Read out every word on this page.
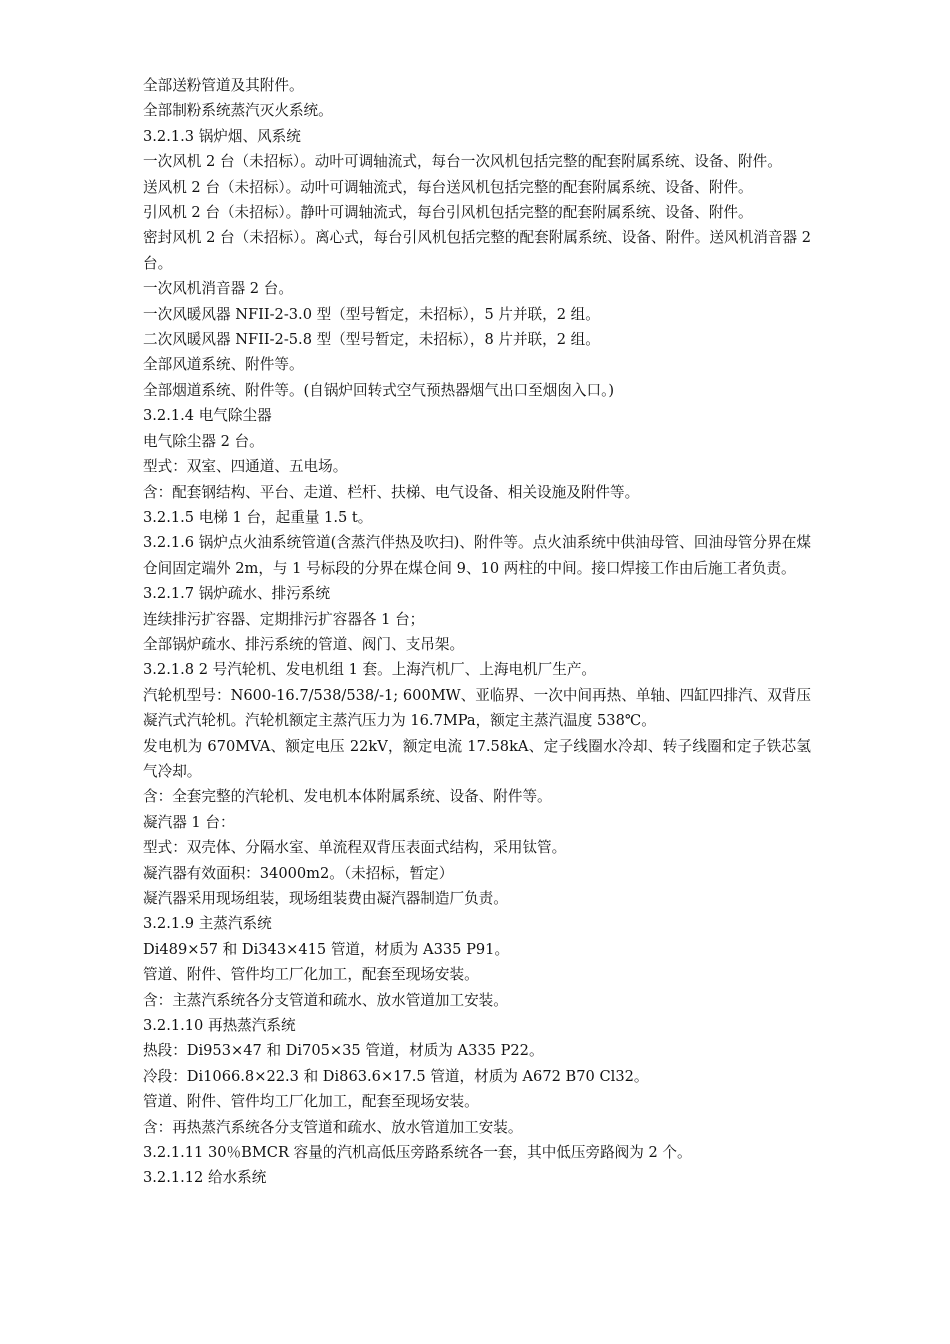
全部送粉管道及其附件。

全部制粉系统蒸汽灭火系统。

3.2.1.3 锅炉烟、风系统

一次风机 2 台（未招标）。动叶可调轴流式，每台一次风机包括完整的配套附属系统、设备、附件。

送风机 2 台（未招标）。动叶可调轴流式，每台送风机包括完整的配套附属系统、设备、附件。

引风机 2 台（未招标）。静叶可调轴流式，每台引风机包括完整的配套附属系统、设备、附件。

密封风机 2 台（未招标）。离心式，每台引风机包括完整的配套附属系统、设备、附件。送风机消音器 2 台。

一次风机消音器 2 台。

一次风暖风器 NFII-2-3.0 型（型号暂定，未招标），5 片并联，2 组。

二次风暖风器 NFII-2-5.8 型（型号暂定，未招标），8 片并联，2 组。

全部风道系统、附件等。

全部烟道系统、附件等。(自锅炉回转式空气预热器烟气出口至烟囱入口。)

3.2.1.4 电气除尘器

电气除尘器 2 台。

型式：双室、四通道、五电场。

含：配套钢结构、平台、走道、栏杆、扶梯、电气设备、相关设施及附件等。

3.2.1.5 电梯 1 台，起重量 1.5 t。

3.2.1.6 锅炉点火油系统管道(含蒸汽伴热及吹扫)、附件等。点火油系统中供油母管、回油母管分界在煤仓间固定端外 2m，与 1 号标段的分界在煤仓间 9、10 两柱的中间。接口焊接工作由后施工者负责。

3.2.1.7 锅炉疏水、排污系统

连续排污扩容器、定期排污扩容器各 1 台；

全部锅炉疏水、排污系统的管道、阀门、支吊架。

3.2.1.8 2 号汽轮机、发电机组 1 套。上海汽机厂、上海电机厂生产。

汽轮机型号：N600-16.7/538/538/-1; 600MW、亚临界、一次中间再热、单轴、四缸四排汽、双背压凝汽式汽轮机。汽轮机额定主蒸汽压力为 16.7MPa，额定主蒸汽温度 538℃。

发电机为 670MVA、额定电压 22kV，额定电流 17.58kA、定子线圈水冷却、转子线圈和定子铁芯氢气冷却。

含：全套完整的汽轮机、发电机本体附属系统、设备、附件等。

凝汽器 1 台：

型式：双壳体、分隔水室、单流程双背压表面式结构，采用钛管。

凝汽器有效面积：34000m2。（未招标，暂定）

凝汽器采用现场组装，现场组装费由凝汽器制造厂负责。

3.2.1.9 主蒸汽系统

Di489×57 和 Di343×415 管道，材质为 A335 P91。

管道、附件、管件均工厂化加工，配套至现场安装。

含：主蒸汽系统各分支管道和疏水、放水管道加工安装。

3.2.1.10 再热蒸汽系统

热段：Di953×47 和 Di705×35 管道，材质为 A335 P22。

冷段：Di1066.8×22.3 和 Di863.6×17.5 管道，材质为 A672 B70 Cl32。

管道、附件、管件均工厂化加工，配套至现场安装。

含：再热蒸汽系统各分支管道和疏水、放水管道加工安装。

3.2.1.11 30％BMCR 容量的汽机高低压旁路系统各一套，其中低压旁路阀为 2 个。

3.2.1.12 给水系统
